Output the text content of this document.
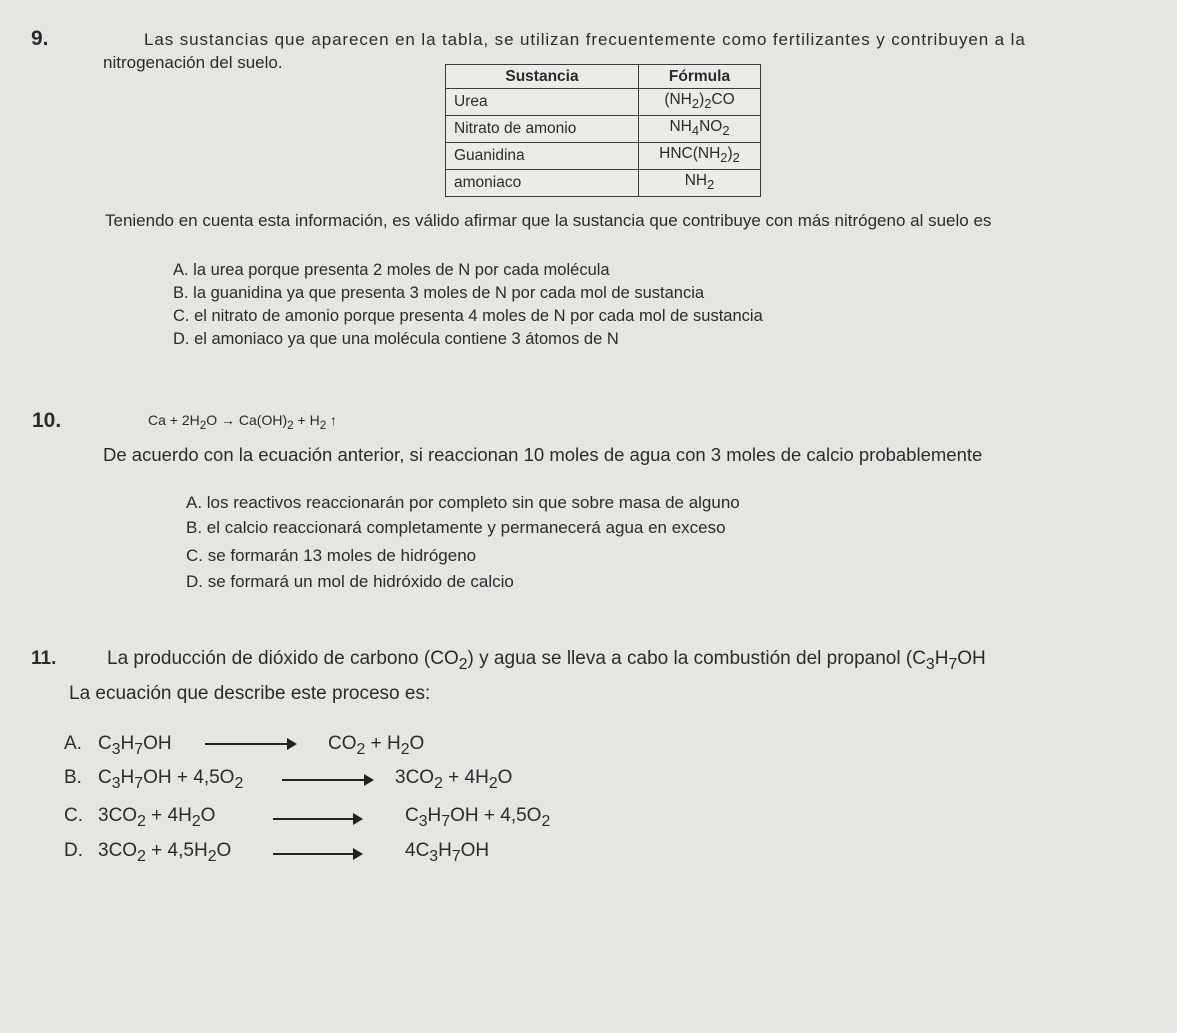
9.	Las sustancias que aparecen en la tabla, se utilizan frecuentemente como fertilizantes y contribuyen a la
nitrogenación del suelo.
Sustancia	Fórmula
Urea	$(NH_2)_2CO$
Nitrato de amonio	$NH_4NO_2$
Guanidina	$HNC(NH_2)_2$
amoniaco	$NH_2$
Teniendo en cuenta esta información, es válido afirmar que la sustancia que contribuye con más nitrógeno al suelo es
A. la urea porque presenta 2 moles de N por cada molécula
B. la guanidina ya que presenta 3 moles de N por cada mol de sustancia
C. el nitrato de amonio porque presenta 4 moles de N por cada mol de sustancia
D. el amoniaco ya que una molécula contiene 3 átomos de N
10.	$Ca + 2H_2O \to Ca(OH)_2 + H_2$ ↑
De acuerdo con la ecuación anterior, si reaccionan 10 moles de agua con 3 moles de calcio probablemente
A. los reactivos reaccionarán por completo sin que sobre masa de alguno
B. el calcio reaccionará completamente y permanecerá agua en exceso
C. se formarán 13 moles de hidrógeno
D. se formará un mol de hidróxido de calcio
11.	La producción de dióxido de carbono $(CO_2)$ y agua se lleva a cabo la combustión del propanol ($C_3H_7OH$
La ecuación que describe este proceso es:
A. $C_3H_7OH$	$CO_2 + H_2O$
B. $C_3H_7OH + 4,5O_2$	$3CO_2 + 4H_2O$
C. $3CO_2 + 4H_2O$	$C_3H_7OH + 4,5O_2$
D. $3CO_2 + 4,5H_2O$	$4C_3H_7OH$
